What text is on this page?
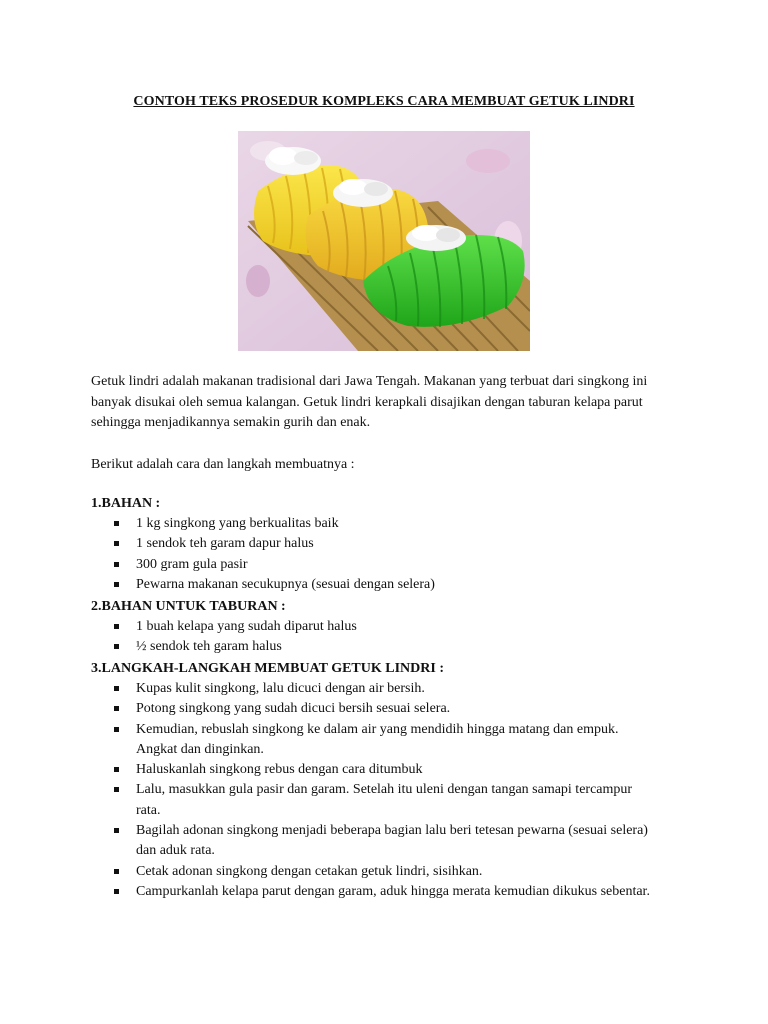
CONTOH TEKS PROSEDUR KOMPLEKS CARA MEMBUAT GETUK LINDRI
Getuk lindri adalah makanan tradisional dari Jawa Tengah. Makanan yang terbuat dari singkong ini banyak disukai oleh semua kalangan. Getuk lindri kerapkali disajikan dengan taburan kelapa parut sehingga menjadikannya semakin gurih dan enak.
Berikut adalah cara dan langkah membuatnya :
1.BAHAN :
1 kg singkong yang berkualitas baik
1 sendok teh garam dapur halus
300 gram gula pasir
Pewarna makanan secukupnya (sesuai dengan selera)
2.BAHAN UNTUK TABURAN :
1 buah kelapa yang sudah diparut halus
½ sendok teh garam halus
3.LANGKAH-LANGKAH MEMBUAT GETUK LINDRI :
Kupas kulit singkong, lalu dicuci dengan air bersih.
Potong singkong yang sudah dicuci bersih sesuai selera.
Kemudian, rebuslah singkong ke dalam air yang mendidih hingga matang dan empuk. Angkat dan dinginkan.
Haluskanlah singkong rebus dengan cara ditumbuk
Lalu, masukkan gula pasir dan garam. Setelah itu uleni dengan tangan samapi tercampur rata.
Bagilah adonan singkong menjadi beberapa bagian lalu beri tetesan pewarna (sesuai selera) dan aduk rata.
Cetak adonan singkong dengan cetakan getuk lindri, sisihkan.
Campurkanlah kelapa parut dengan garam, aduk hingga merata kemudian dikukus sebentar.
